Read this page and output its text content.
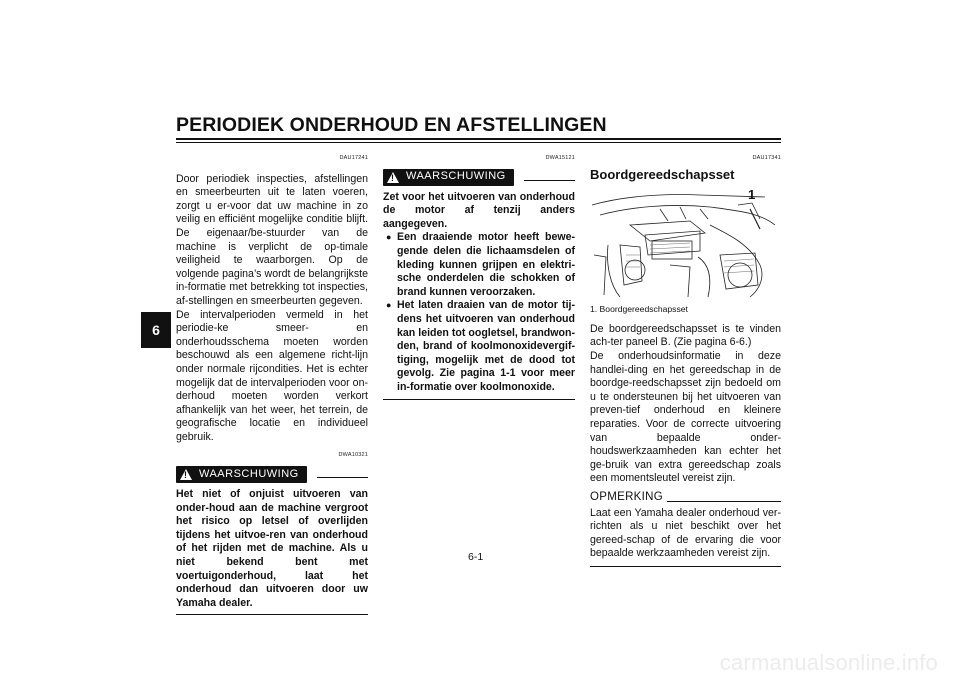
PERIODIEK ONDERHOUD EN AFSTELLINGEN
6
DAU17241
Door periodiek inspecties, afstellingen en smeerbeurten uit te laten voeren, zorgt u er-voor dat uw machine in zo veilig en efficiënt mogelijke conditie blijft. De eigenaar/be-stuurder van de machine is verplicht de op-timale veiligheid te waarborgen. Op de volgende pagina’s wordt de belangrijkste in-formatie met betrekking tot inspecties, af-stellingen en smeerbeurten gegeven.
De intervalperioden vermeld in het periodie-ke smeer- en onderhoudsschema moeten worden beschouwd als een algemene richt-lijn onder normale rijcondities. Het is echter mogelijk dat de intervalperioden voor on-derhoud moeten worden verkort afhankelijk van het weer, het terrein, de geografische locatie en individueel gebruik.
DWA10321
! WAARSCHUWING
Het niet of onjuist uitvoeren van onder-houd aan de machine vergroot het risico op letsel of overlijden tijdens het uitvoe-ren van onderhoud of het rijden met de machine. Als u niet bekend bent met voertuigonderhoud, laat het onderhoud dan uitvoeren door uw Yamaha dealer.
DWA15121
! WAARSCHUWING
Zet voor het uitvoeren van onderhoud de motor af tenzij anders aangegeven.
● Een draaiende motor heeft bewe-gende delen die lichaamsdelen of kleding kunnen grijpen en elektri-sche onderdelen die schokken of brand kunnen veroorzaken.
● Het laten draaien van de motor tij-dens het uitvoeren van onderhoud kan leiden tot oogletsel, brandwon-den, brand of koolmonoxidevergif-tiging, mogelijk met de dood tot gevolg. Zie pagina 1-1 voor meer in-formatie over koolmonoxide.
DAU17341
Boordgereedschapsset
1
1. Boordgereedschapsset
De boordgereedschapsset is te vinden ach-ter paneel B. (Zie pagina 6-6.)
De onderhoudsinformatie in deze handlei-ding en het gereedschap in de boordge-reedschapsset zijn bedoeld om u te ondersteunen bij het uitvoeren van preven-tief onderhoud en kleinere reparaties. Voor de correcte uitvoering van bepaalde onder-houdswerkzaamheden kan echter het ge-bruik van extra gereedschap zoals een momentsleutel vereist zijn.
OPMERKING
Laat een Yamaha dealer onderhoud ver-richten als u niet beschikt over het gereed-schap of de ervaring die voor bepaalde werkzaamheden vereist zijn.
6-1
carmanualsonline.info
